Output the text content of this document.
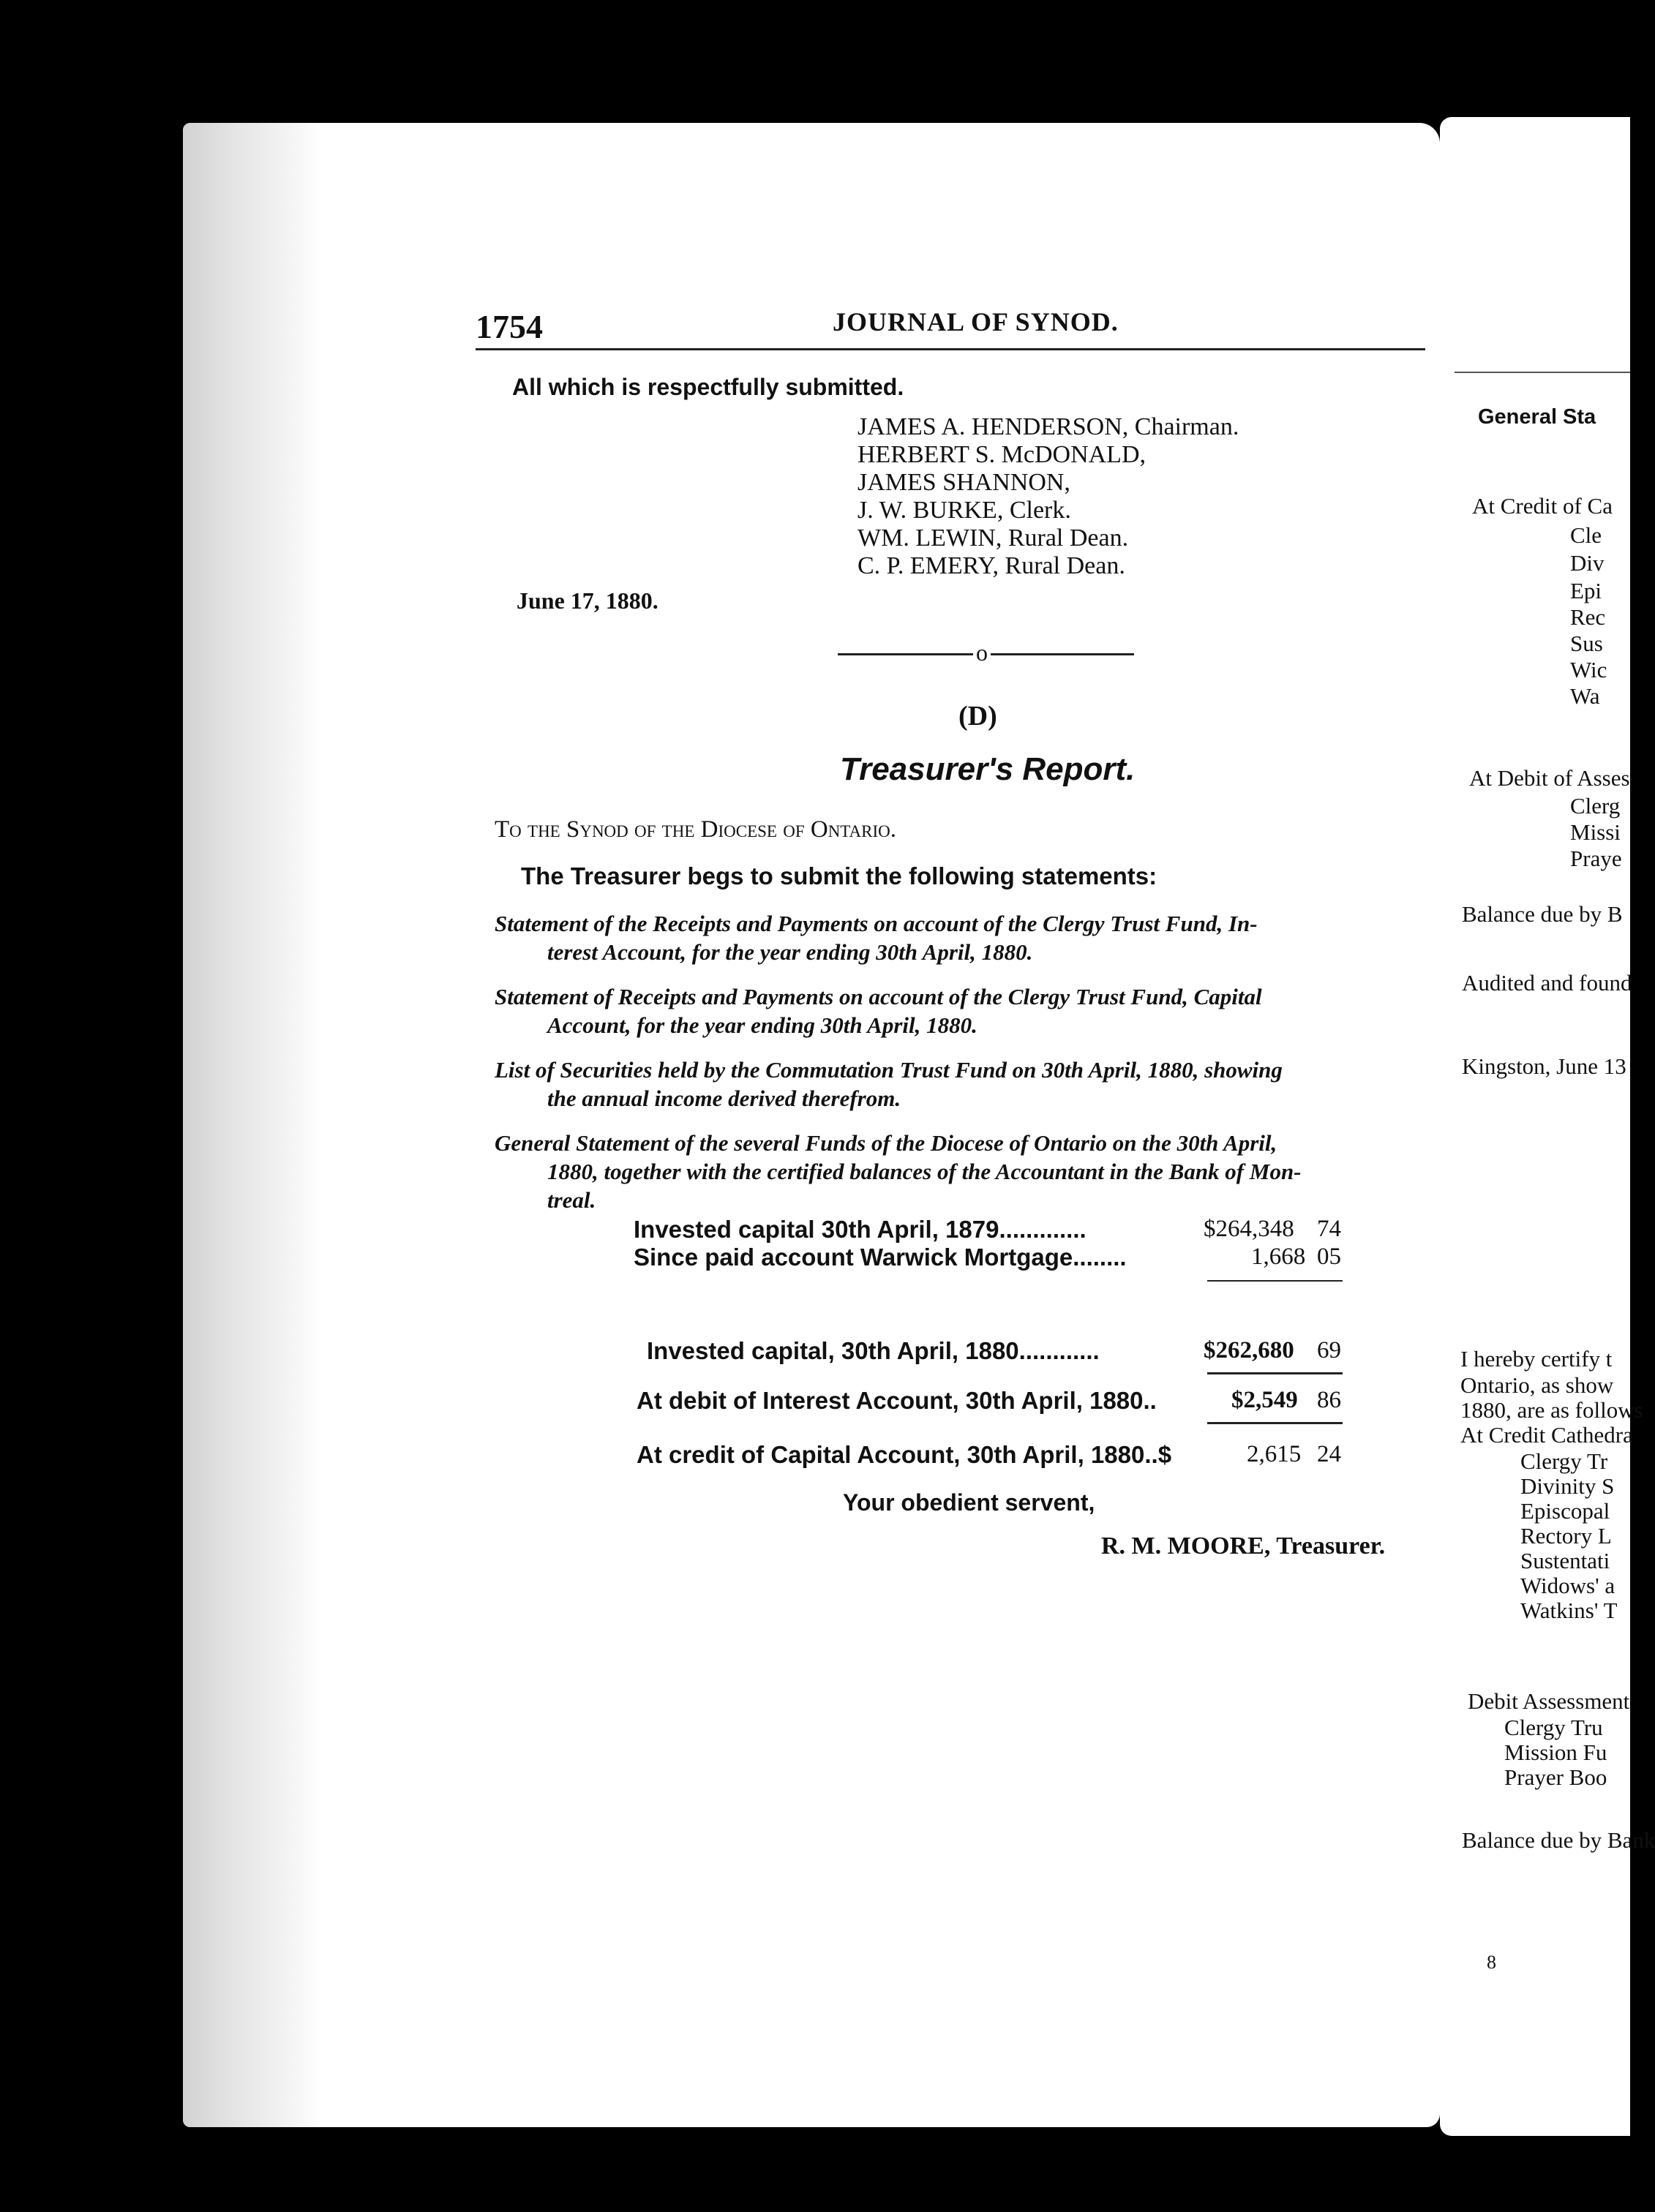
1754	JOURNAL OF SYNOD.
All which is respectfully submitted.
JAMES A. HENDERSON, Chairman.
HERBERT S. McDONALD,
JAMES SHANNON,
J. W. BURKE, Clerk.
WM. LEWIN, Rural Dean.
C. P. EMERY, Rural Dean.
June 17, 1880.
o
(D)
Treasurer's Report.
To the Synod of the Diocese of Ontario.
The Treasurer begs to submit the following statements:
Statement of the Receipts and Payments on account of the Clergy Trust Fund, In-
terest Account, for the year ending 30th April, 1880.
Statement of Receipts and Payments on account of the Clergy Trust Fund, Capital
Account, for the year ending 30th April, 1880.
List of Securities held by the Commutation Trust Fund on 30th April, 1880, showing
the annual income derived therefrom.
General Statement of the several Funds of the Diocese of Ontario on the 30th April,
1880, together with the certified balances of the Accountant in the Bank of Mon-
treal.
Invested capital 30th April, 1879.............	$264,348 74
Since paid account Warwick Mortgage........	1,668 05
Invested capital, 30th April, 1880............	$262,680 69
At debit of Interest Account, 30th April, 1880..	$2,549 86
At credit of Capital Account, 30th April, 1880..$	2,615 24
Your obedient servent,
R. M. MOORE, Treasurer.
General Sta
At Credit of Ca
Cle
Div
Epi
Rec
Sus
Wic
Wa
At Debit of Asses
Clerg
Missi
Praye
Balance due by B
Audited and found
Kingston, June 13
I hereby certify t
Ontario, as show
1880, are as follows
At Credit Cathedra
Clergy Tr
Divinity S
Episcopal
Rectory L
Sustentati
Widows' a
Watkins' T
Debit Assessment
Clergy Tru
Mission Fu
Prayer Boo
Balance due by Bank
8
